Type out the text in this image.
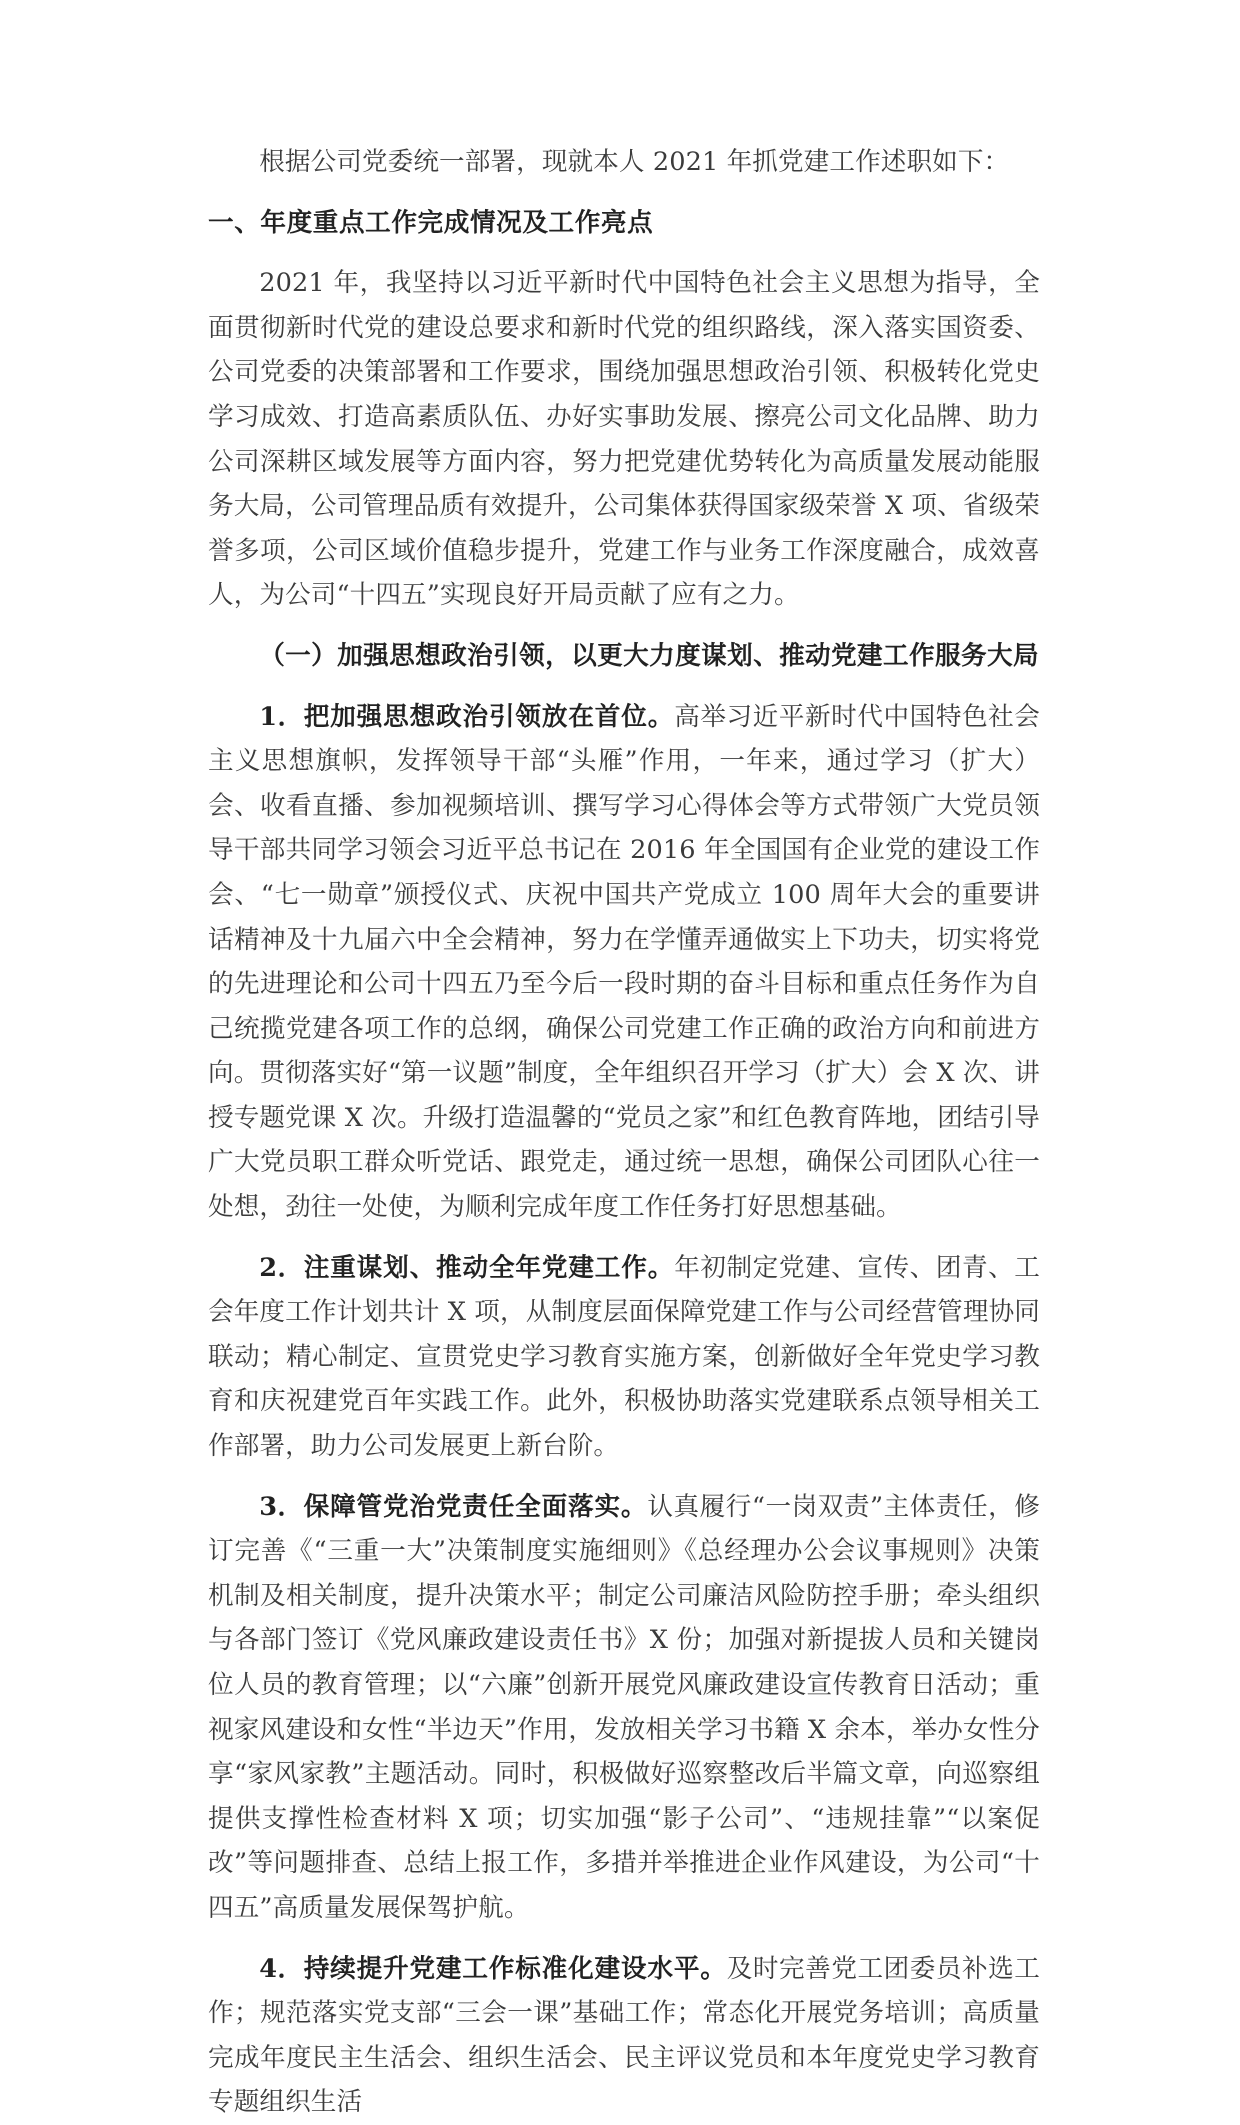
根据公司党委统一部署，现就本人 2021 年抓党建工作述职如下：

一、年度重点工作完成情况及工作亮点

2021 年，我坚持以习近平新时代中国特色社会主义思想为指导，全面贯彻新时代党的建设总要求和新时代党的组织路线，深入落实国资委、公司党委的决策部署和工作要求，围绕加强思想政治引领、积极转化党史学习成效、打造高素质队伍、办好实事助发展、擦亮公司文化品牌、助力公司深耕区域发展等方面内容，努力把党建优势转化为高质量发展动能服务大局，公司管理品质有效提升，公司集体获得国家级荣誉 X 项、省级荣誉多项，公司区域价值稳步提升，党建工作与业务工作深度融合，成效喜人，为公司“十四五”实现良好开局贡献了应有之力。

（一）加强思想政治引领，以更大力度谋划、推动党建工作服务大局

1．把加强思想政治引领放在首位。高举习近平新时代中国特色社会主义思想旗帜，发挥领导干部“头雁”作用，一年来，通过学习（扩大）会、收看直播、参加视频培训、撰写学习心得体会等方式带领广大党员领导干部共同学习领会习近平总书记在 2016 年全国国有企业党的建设工作会、“七一勋章”颁授仪式、庆祝中国共产党成立 100 周年大会的重要讲话精神及十九届六中全会精神，努力在学懂弄通做实上下功夫，切实将党的先进理论和公司十四五乃至今后一段时期的奋斗目标和重点任务作为自己统揽党建各项工作的总纲，确保公司党建工作正确的政治方向和前进方向。贯彻落实好“第一议题”制度，全年组织召开学习（扩大）会 X 次、讲授专题党课 X 次。升级打造温馨的“党员之家”和红色教育阵地，团结引导广大党员职工群众听党话、跟党走，通过统一思想，确保公司团队心往一处想，劲往一处使，为顺利完成年度工作任务打好思想基础。

2．注重谋划、推动全年党建工作。年初制定党建、宣传、团青、工会年度工作计划共计 X 项，从制度层面保障党建工作与公司经营管理协同联动；精心制定、宣贯党史学习教育实施方案，创新做好全年党史学习教育和庆祝建党百年实践工作。此外，积极协助落实党建联系点领导相关工作部署，助力公司发展更上新台阶。

3．保障管党治党责任全面落实。认真履行“一岗双责”主体责任，修订完善《“三重一大”决策制度实施细则》《总经理办公会议事规则》决策机制及相关制度，提升决策水平；制定公司廉洁风险防控手册；牵头组织与各部门签订《党风廉政建设责任书》X 份；加强对新提拔人员和关键岗位人员的教育管理；以“六廉”创新开展党风廉政建设宣传教育日活动；重视家风建设和女性“半边天”作用，发放相关学习书籍 X 余本，举办女性分享“家风家教”主题活动。同时，积极做好巡察整改后半篇文章，向巡察组提供支撑性检查材料 X 项；切实加强“影子公司”、“违规挂靠”“以案促改”等问题排查、总结上报工作，多措并举推进企业作风建设，为公司“十四五”高质量发展保驾护航。

4．持续提升党建工作标准化建设水平。及时完善党工团委员补选工作；规范落实党支部“三会一课”基础工作；常态化开展党务培训；高质量完成年度民主生活会、组织生活会、民主评议党员和本年度党史学习教育专题组织生活
